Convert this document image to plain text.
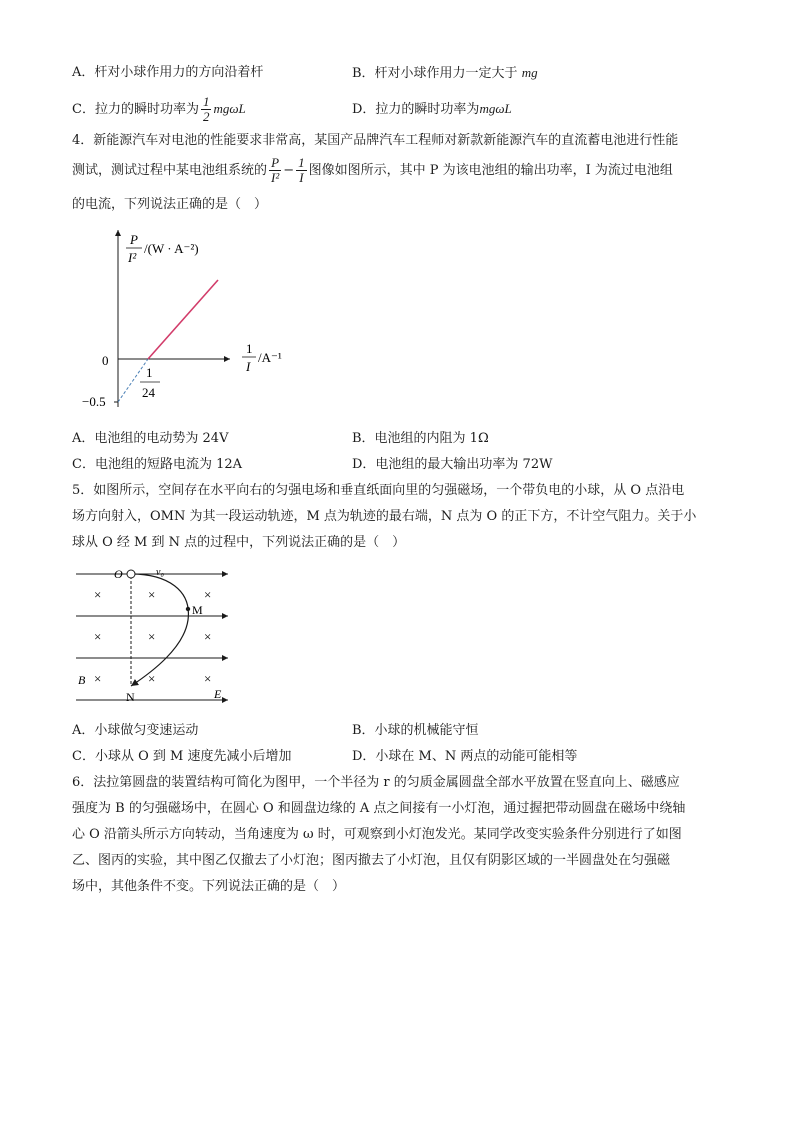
A．杆对小球作用力的方向沿着杆	B．杆对小球作用力一定大于 mg
C．拉力的瞬时功率为 $\frac{1}{2}$ mgωL	D．拉力的瞬时功率为mgωL
4．新能源汽车对电池的性能要求非常高，某国产品牌汽车工程师对新款新能源汽车的直流蓄电池进行性能
测试，测试过程中某电池组系统的 $\frac{P}{\text{I²}} - \frac{1}{I}$ 图像如图所示，其中 P 为该电池组的输出功率，I 为流过电池组
的电流，下列说法正确的是（　）
P
I²
/(W · A⁻²)
1
I
/A⁻¹
0
−0.5
1
24
A．电池组的电动势为 24V	B．电池组的内阻为 1Ω
C．电池组的短路电流为 12A	D．电池组的最大输出功率为 72W
5．如图所示，空间存在水平向右的匀强电场和垂直纸面向里的匀强磁场，一个带负电的小球，从 O 点沿电
场方向射入，OMN 为其一段运动轨迹，M 点为轨迹的最右端，N 点为 O 的正下方，不计空气阻力。关于小
球从 O 经 M 到 N 点的过程中，下列说法正确的是（　）
×	×	×
×	×	×
×	×	×
O	v₀
M
N
B
E
A．小球做匀变速运动	B．小球的机械能守恒
C．小球从 O 到 M 速度先减小后增加	D．小球在 M、N 两点的动能可能相等
6．法拉第圆盘的装置结构可简化为图甲，一个半径为 r 的匀质金属圆盘全部水平放置在竖直向上、磁感应
强度为 B 的匀强磁场中，在圆心 O 和圆盘边缘的 A 点之间接有一小灯泡，通过握把带动圆盘在磁场中绕轴
心 O 沿箭头所示方向转动，当角速度为 ω 时，可观察到小灯泡发光。某同学改变实验条件分别进行了如图
乙、图丙的实验，其中图乙仅撤去了小灯泡；图丙撤去了小灯泡，且仅有阴影区域的一半圆盘处在匀强磁
场中，其他条件不变。下列说法正确的是（　）
